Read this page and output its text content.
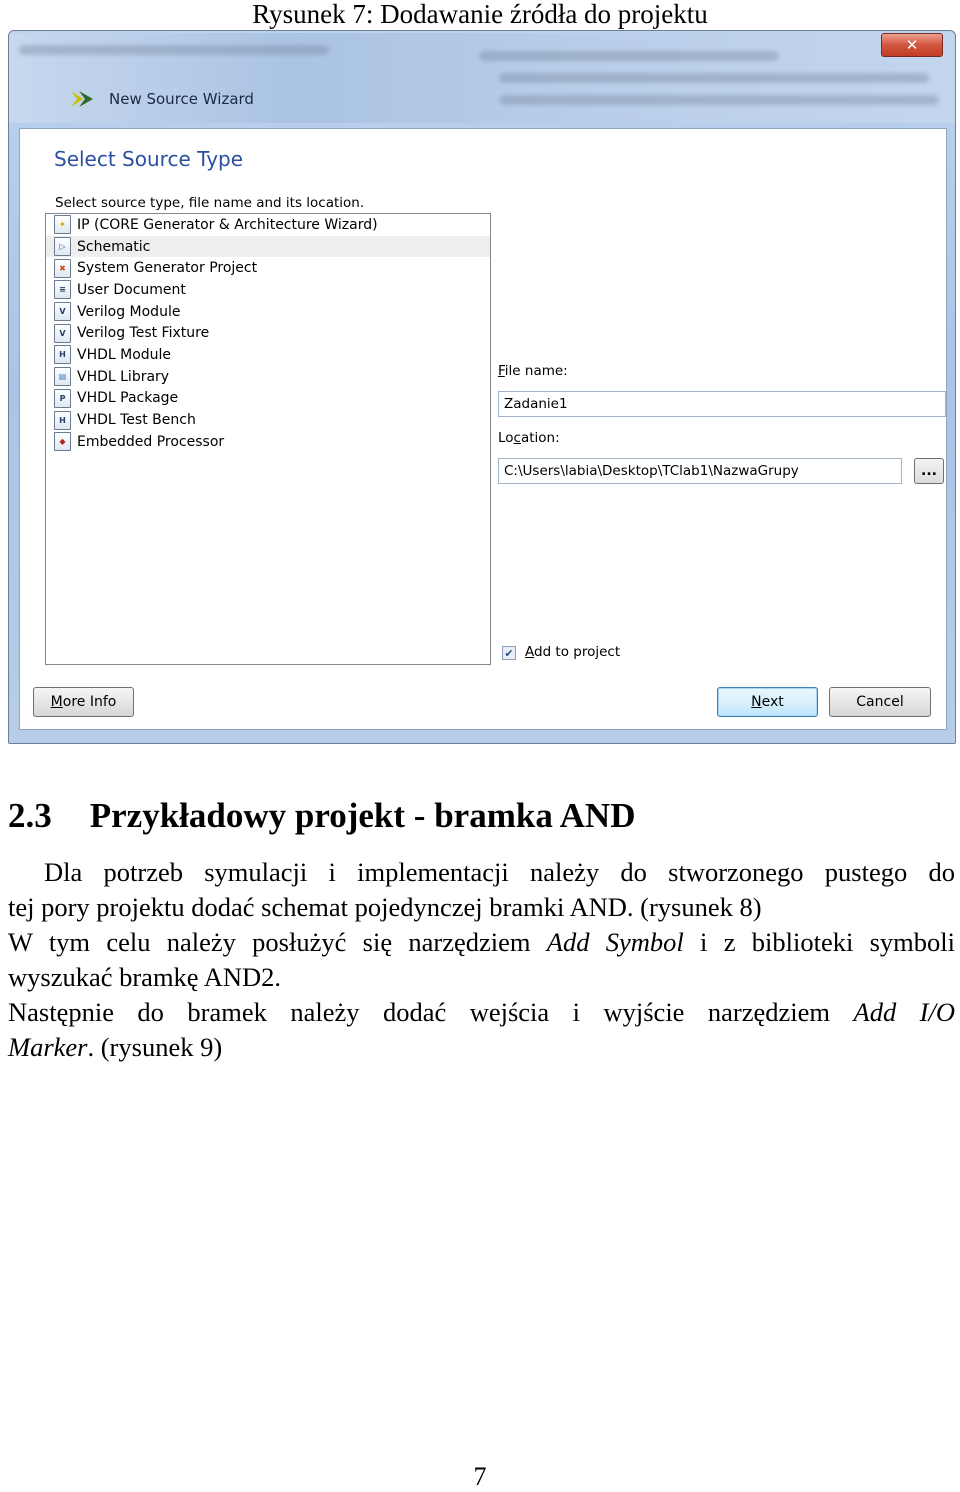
Rysunek 7: Dodawanie źródła do projektu
✕
New Source Wizard
Select Source Type
Select source type, file name and its location.
✦ IP (CORE Generator & Architecture Wizard)
▷ Schematic
✖ System Generator Project
≡ User Document
V Verilog Module
V Verilog Test Fixture
H VHDL Module
▤ VHDL Library
P VHDL Package
H VHDL Test Bench
◆ Embedded Processor
File name:
Zadanie1
Location:
C:\Users\labia\Desktop\TClab1\NazwaGrupy	...
✔ Add to project
M ore Info	N ext	Cancel
2.3 Przykładowy projekt - bramka AND
Dla potrzeb symulacji i implementacji należy do stworzonego pustego do
tej pory projektu dodać schemat pojedynczej bramki AND. (rysunek 8)
W tym celu należy posłużyć się narzędziem Add Symbol i z biblioteki symboli
wyszukać bramkę AND2.
Następnie do bramek należy dodać wejścia i wyjście narzędziem Add I/O
Marker. (rysunek 9)
7
